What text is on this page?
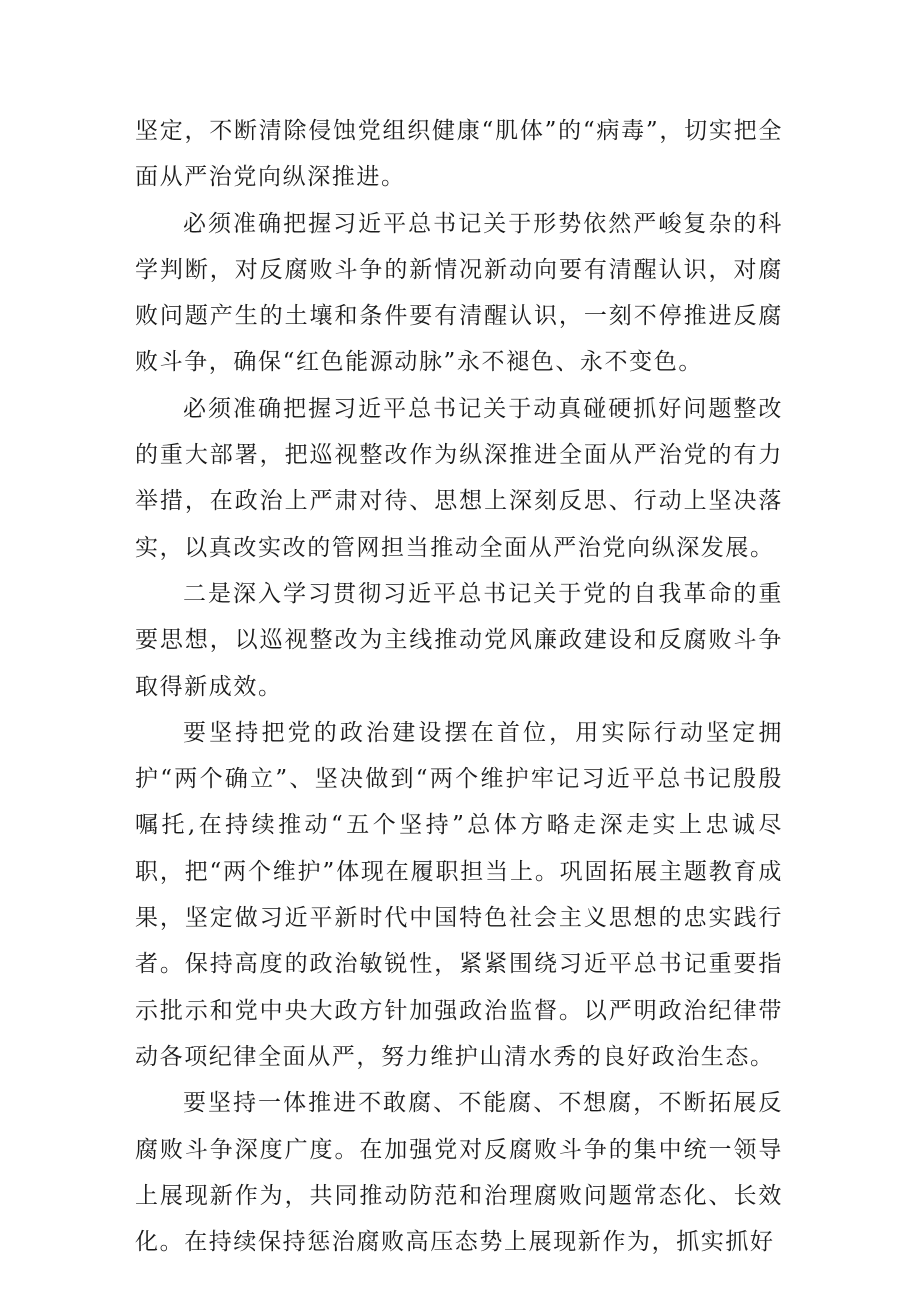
坚定，不断清除侵蚀党组织健康“肌体”的“病毒”，切实把全面从严治党向纵深推进。

必须准确把握习近平总书记关于形势依然严峻复杂的科学判断，对反腐败斗争的新情况新动向要有清醒认识，对腐败问题产生的土壤和条件要有清醒认识，一刻不停推进反腐败斗争，确保“红色能源动脉”永不褪色、永不变色。

必须准确把握习近平总书记关于动真碰硬抓好问题整改的重大部署，把巡视整改作为纵深推进全面从严治党的有力举措，在政治上严肃对待、思想上深刻反思、行动上坚决落实，以真改实改的管网担当推动全面从严治党向纵深发展。

二是深入学习贯彻习近平总书记关于党的自我革命的重要思想，以巡视整改为主线推动党风廉政建设和反腐败斗争取得新成效。

要坚持把党的政治建设摆在首位，用实际行动坚定拥护“两个确立”、坚决做到“两个维护牢记习近平总书记殷殷嘱托,在持续推动“五个坚持”总体方略走深走实上忠诚尽职，把“两个维护”体现在履职担当上。巩固拓展主题教育成果，坚定做习近平新时代中国特色社会主义思想的忠实践行者。保持高度的政治敏锐性，紧紧围绕习近平总书记重要指示批示和党中央大政方针加强政治监督。以严明政治纪律带动各项纪律全面从严，努力维护山清水秀的良好政治生态。

要坚持一体推进不敢腐、不能腐、不想腐，不断拓展反腐败斗争深度广度。在加强党对反腐败斗争的集中统一领导上展现新作为，共同推动防范和治理腐败问题常态化、长效化。在持续保持惩治腐败高压态势上展现新作为，抓实抓好
